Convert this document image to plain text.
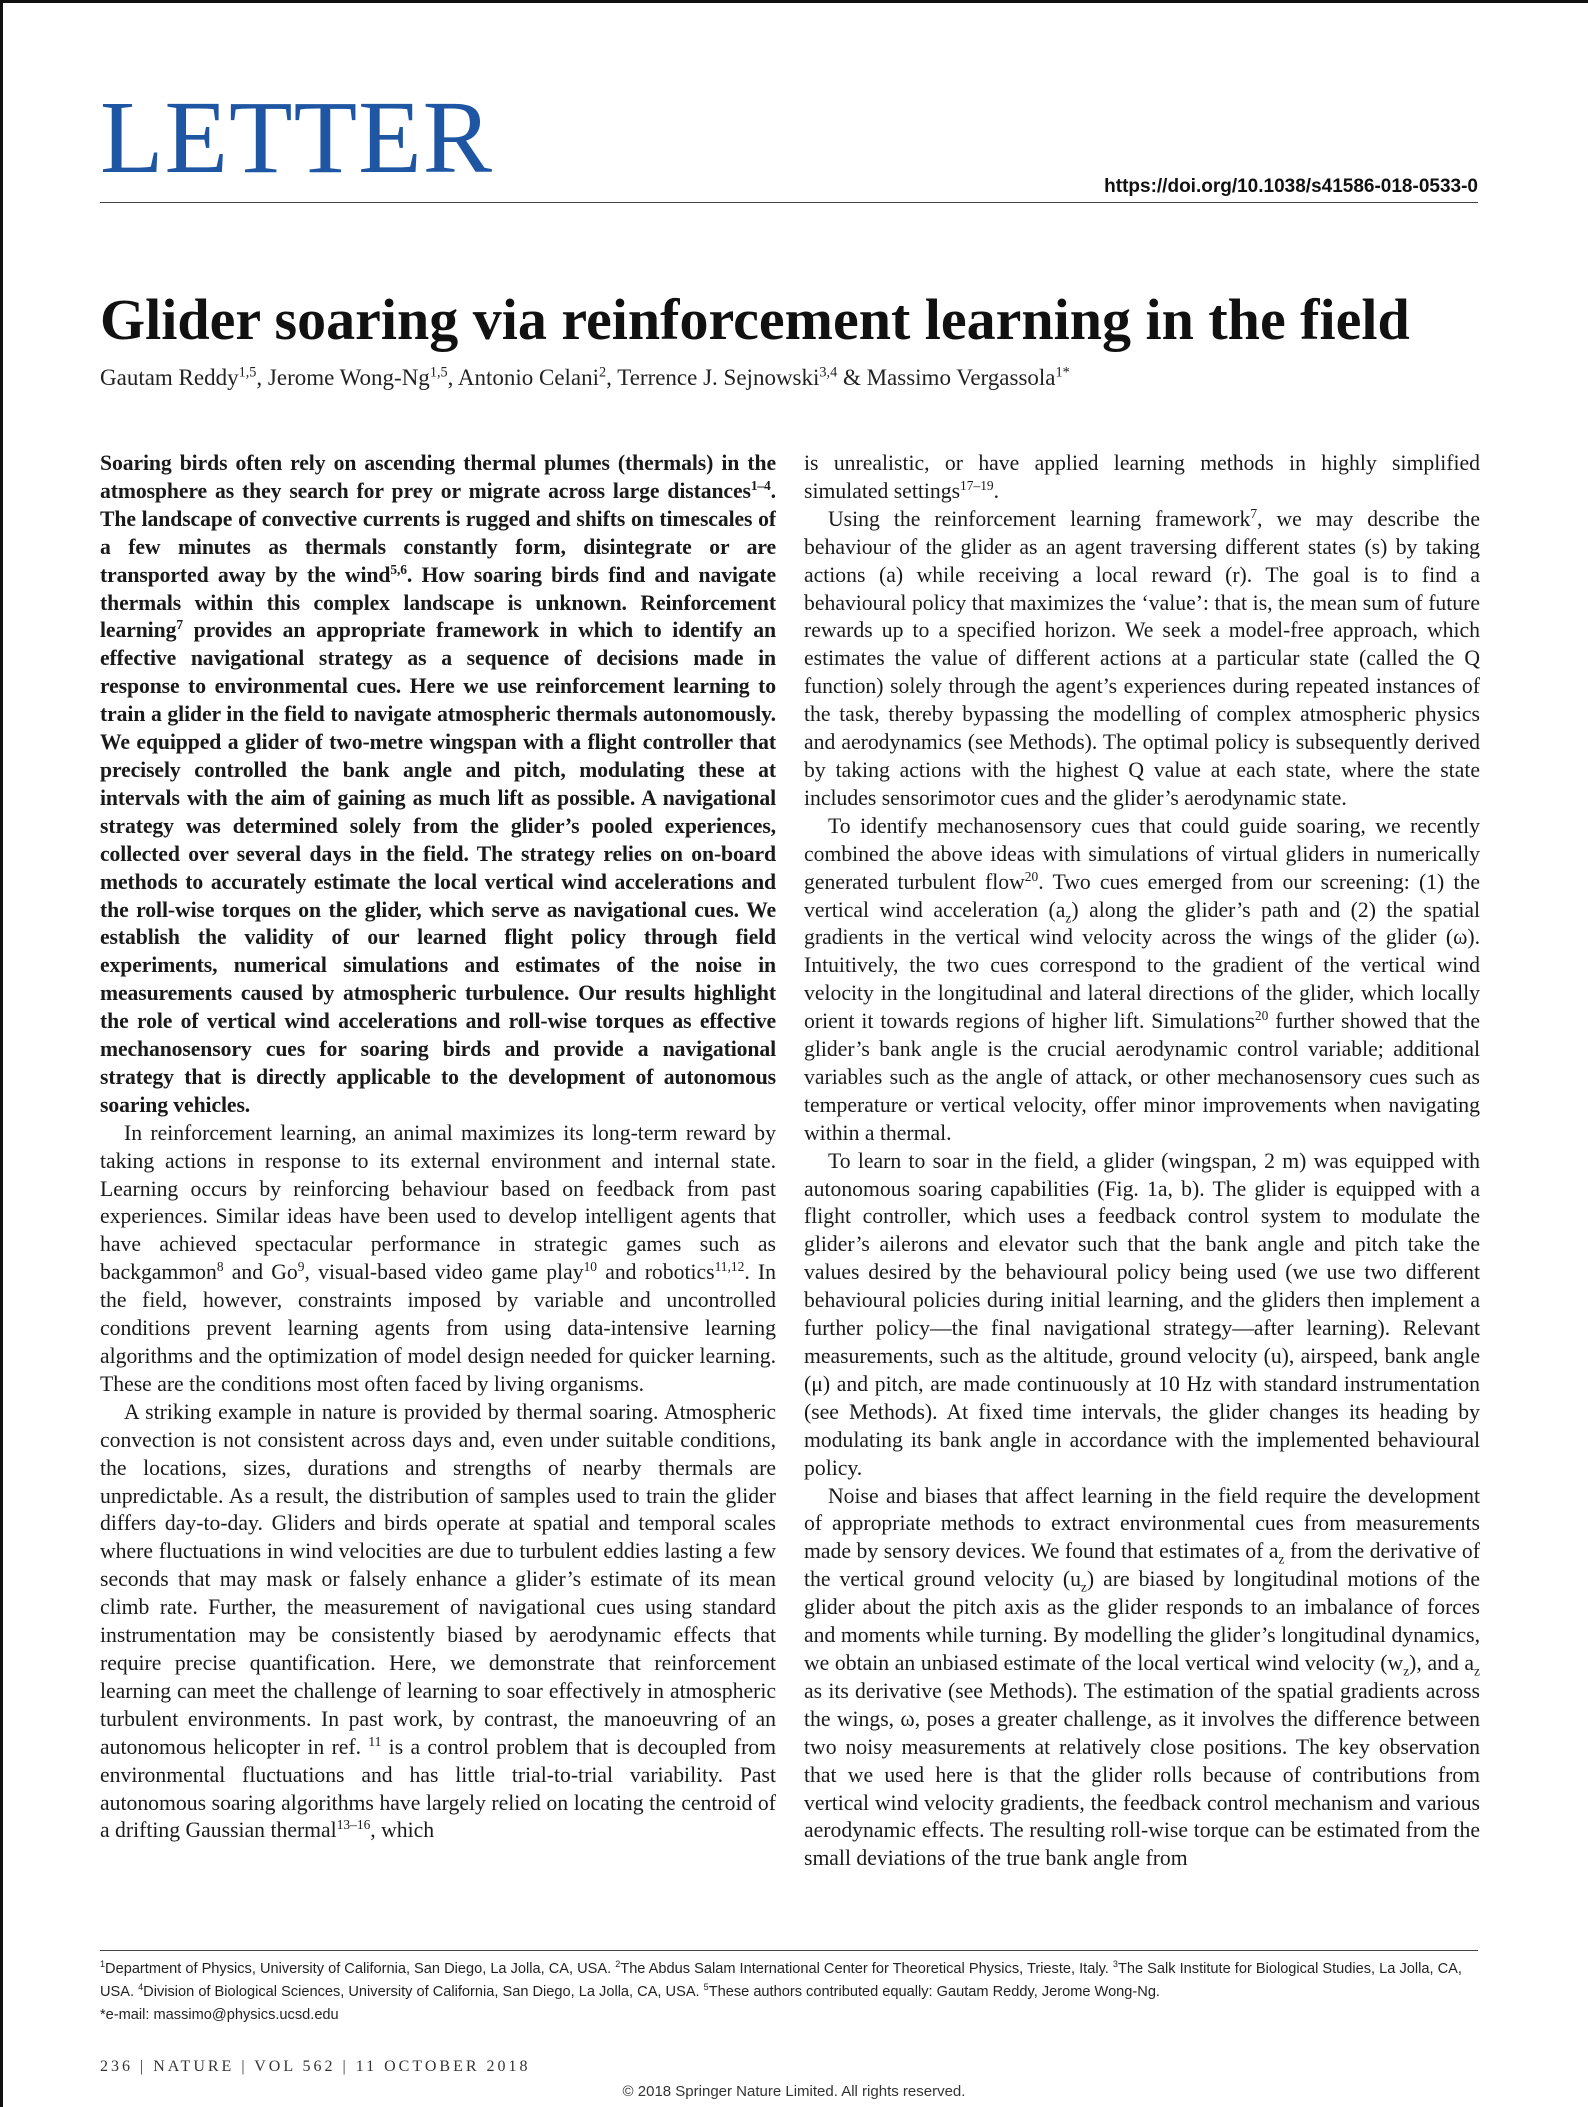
LETTER	https://doi.org/10.1038/s41586-018-0533-0
Glider soaring via reinforcement learning in the field
Gautam Reddy$^{1,5}$, Jerome Wong-Ng$^{1,5}$, Antonio Celani$^2$, Terrence J. Sejnowski$^{3,4}$ & Massimo Vergassola$^{1*}$

Soaring birds often rely on ascending thermal plumes (thermals) in the atmosphere as they search for prey or migrate across large distances$^{1-4}$. The landscape of convective currents is rugged and shifts on timescales of a few minutes as thermals constantly form, disintegrate or are transported away by the wind$^{5,6}$. How soaring birds find and navigate thermals within this complex landscape is unknown. Reinforcement learning$^7$ provides an appropriate framework in which to identify an effective navigational strategy as a sequence of decisions made in response to environmental cues. Here we use reinforcement learning to train a glider in the field to navigate atmospheric thermals autonomously. We equipped a glider of two-metre wingspan with a flight controller that precisely controlled the bank angle and pitch, modulating these at intervals with the aim of gaining as much lift as possible. A navigational strategy was determined solely from the glider’s pooled experiences, collected over several days in the field. The strategy relies on on-board methods to accurately estimate the local vertical wind accelerations and the roll-wise torques on the glider, which serve as navigational cues. We establish the validity of our learned flight policy through field experiments, numerical simulations and estimates of the noise in measurements caused by atmospheric turbulence. Our results highlight the role of vertical wind accelerations and roll-wise torques as effective mechanosensory cues for soaring birds and provide a navigational strategy that is directly applicable to the development of autonomous soaring vehicles.

In reinforcement learning, an animal maximizes its long-term reward by taking actions in response to its external environment and internal state. Learning occurs by reinforcing behaviour based on feedback from past experiences. Similar ideas have been used to develop intelligent agents that have achieved spectacular performance in strategic games such as backgammon$^8$ and Go$^9$, visual-based video game play$^{10}$ and robotics$^{11,12}$. In the field, however, constraints imposed by variable and uncontrolled conditions prevent learning agents from using data-intensive learning algorithms and the optimization of model design needed for quicker learning. These are the conditions most often faced by living organisms.

A striking example in nature is provided by thermal soaring. Atmospheric convection is not consistent across days and, even under suitable conditions, the locations, sizes, durations and strengths of nearby thermals are unpredictable. As a result, the distribution of samples used to train the glider differs day-to-day. Gliders and birds operate at spatial and temporal scales where fluctuations in wind velocities are due to turbulent eddies lasting a few seconds that may mask or falsely enhance a glider’s estimate of its mean climb rate. Further, the measurement of navigational cues using standard instrumentation may be consistently biased by aerodynamic effects that require precise quantification. Here, we demonstrate that reinforcement learning can meet the challenge of learning to soar effectively in atmospheric turbulent environments. In past work, by contrast, the manoeuvring of an autonomous helicopter in ref. $^{11}$ is a control problem that is decoupled from environmental fluctuations and has little trial-to-trial variability. Past autonomous soaring algorithms have largely relied on locating the centroid of a drifting Gaussian thermal$^{13-16}$, which

is unrealistic, or have applied learning methods in highly simplified simulated settings$^{17-19}$.

Using the reinforcement learning framework$^7$, we may describe the behaviour of the glider as an agent traversing different states (s) by taking actions (a) while receiving a local reward (r). The goal is to find a behavioural policy that maximizes the ‘value’: that is, the mean sum of future rewards up to a specified horizon. We seek a model-free approach, which estimates the value of different actions at a particular state (called the Q function) solely through the agent’s experiences during repeated instances of the task, thereby bypassing the modelling of complex atmospheric physics and aerodynamics (see Methods). The optimal policy is subsequently derived by taking actions with the highest Q value at each state, where the state includes sensorimotor cues and the glider’s aerodynamic state.

To identify mechanosensory cues that could guide soaring, we recently combined the above ideas with simulations of virtual gliders in numerically generated turbulent flow$^{20}$. Two cues emerged from our screening: (1) the vertical wind acceleration $(a_z)$ along the glider’s path and (2) the spatial gradients in the vertical wind velocity across the wings of the glider (ω). Intuitively, the two cues correspond to the gradient of the vertical wind velocity in the longitudinal and lateral directions of the glider, which locally orient it towards regions of higher lift. Simulations$^{20}$ further showed that the glider’s bank angle is the crucial aerodynamic control variable; additional variables such as the angle of attack, or other mechanosensory cues such as temperature or vertical velocity, offer minor improvements when navigating within a thermal.

To learn to soar in the field, a glider (wingspan, 2 m) was equipped with autonomous soaring capabilities (Fig. 1a, b). The glider is equipped with a flight controller, which uses a feedback control system to modulate the glider’s ailerons and elevator such that the bank angle and pitch take the values desired by the behavioural policy being used (we use two different behavioural policies during initial learning, and the gliders then implement a further policy—the final navigational strategy—after learning). Relevant measurements, such as the altitude, ground velocity (u), airspeed, bank angle (μ) and pitch, are made continuously at 10 Hz with standard instrumentation (see Methods). At fixed time intervals, the glider changes its heading by modulating its bank angle in accordance with the implemented behavioural policy.

Noise and biases that affect learning in the field require the development of appropriate methods to extract environmental cues from measurements made by sensory devices. We found that estimates of $a_z$ from the derivative of the vertical ground velocity $(u_z)$ are biased by longitudinal motions of the glider about the pitch axis as the glider responds to an imbalance of forces and moments while turning. By modelling the glider’s longitudinal dynamics, we obtain an unbiased estimate of the local vertical wind velocity $(w_z)$, and $a_z$ as its derivative (see Methods). The estimation of the spatial gradients across the wings, ω, poses a greater challenge, as it involves the difference between two noisy measurements at relatively close positions. The key observation that we used here is that the glider rolls because of contributions from vertical wind velocity gradients, the feedback control mechanism and various aerodynamic effects. The resulting roll-wise torque can be estimated from the small deviations of the true bank angle from

$^1$Department of Physics, University of California, San Diego, La Jolla, CA, USA. $^2$The Abdus Salam International Center for Theoretical Physics, Trieste, Italy. $^3$The Salk Institute for Biological Studies, La Jolla, CA, USA. $^4$Division of Biological Sciences, University of California, San Diego, La Jolla, CA, USA. $^5$These authors contributed equally: Gautam Reddy, Jerome Wong-Ng.

*e-mail: massimo@physics.ucsd.edu

236 | NATURE | VOL 562 | 11 OCTOBER 2018
© 2018 Springer Nature Limited. All rights reserved.
